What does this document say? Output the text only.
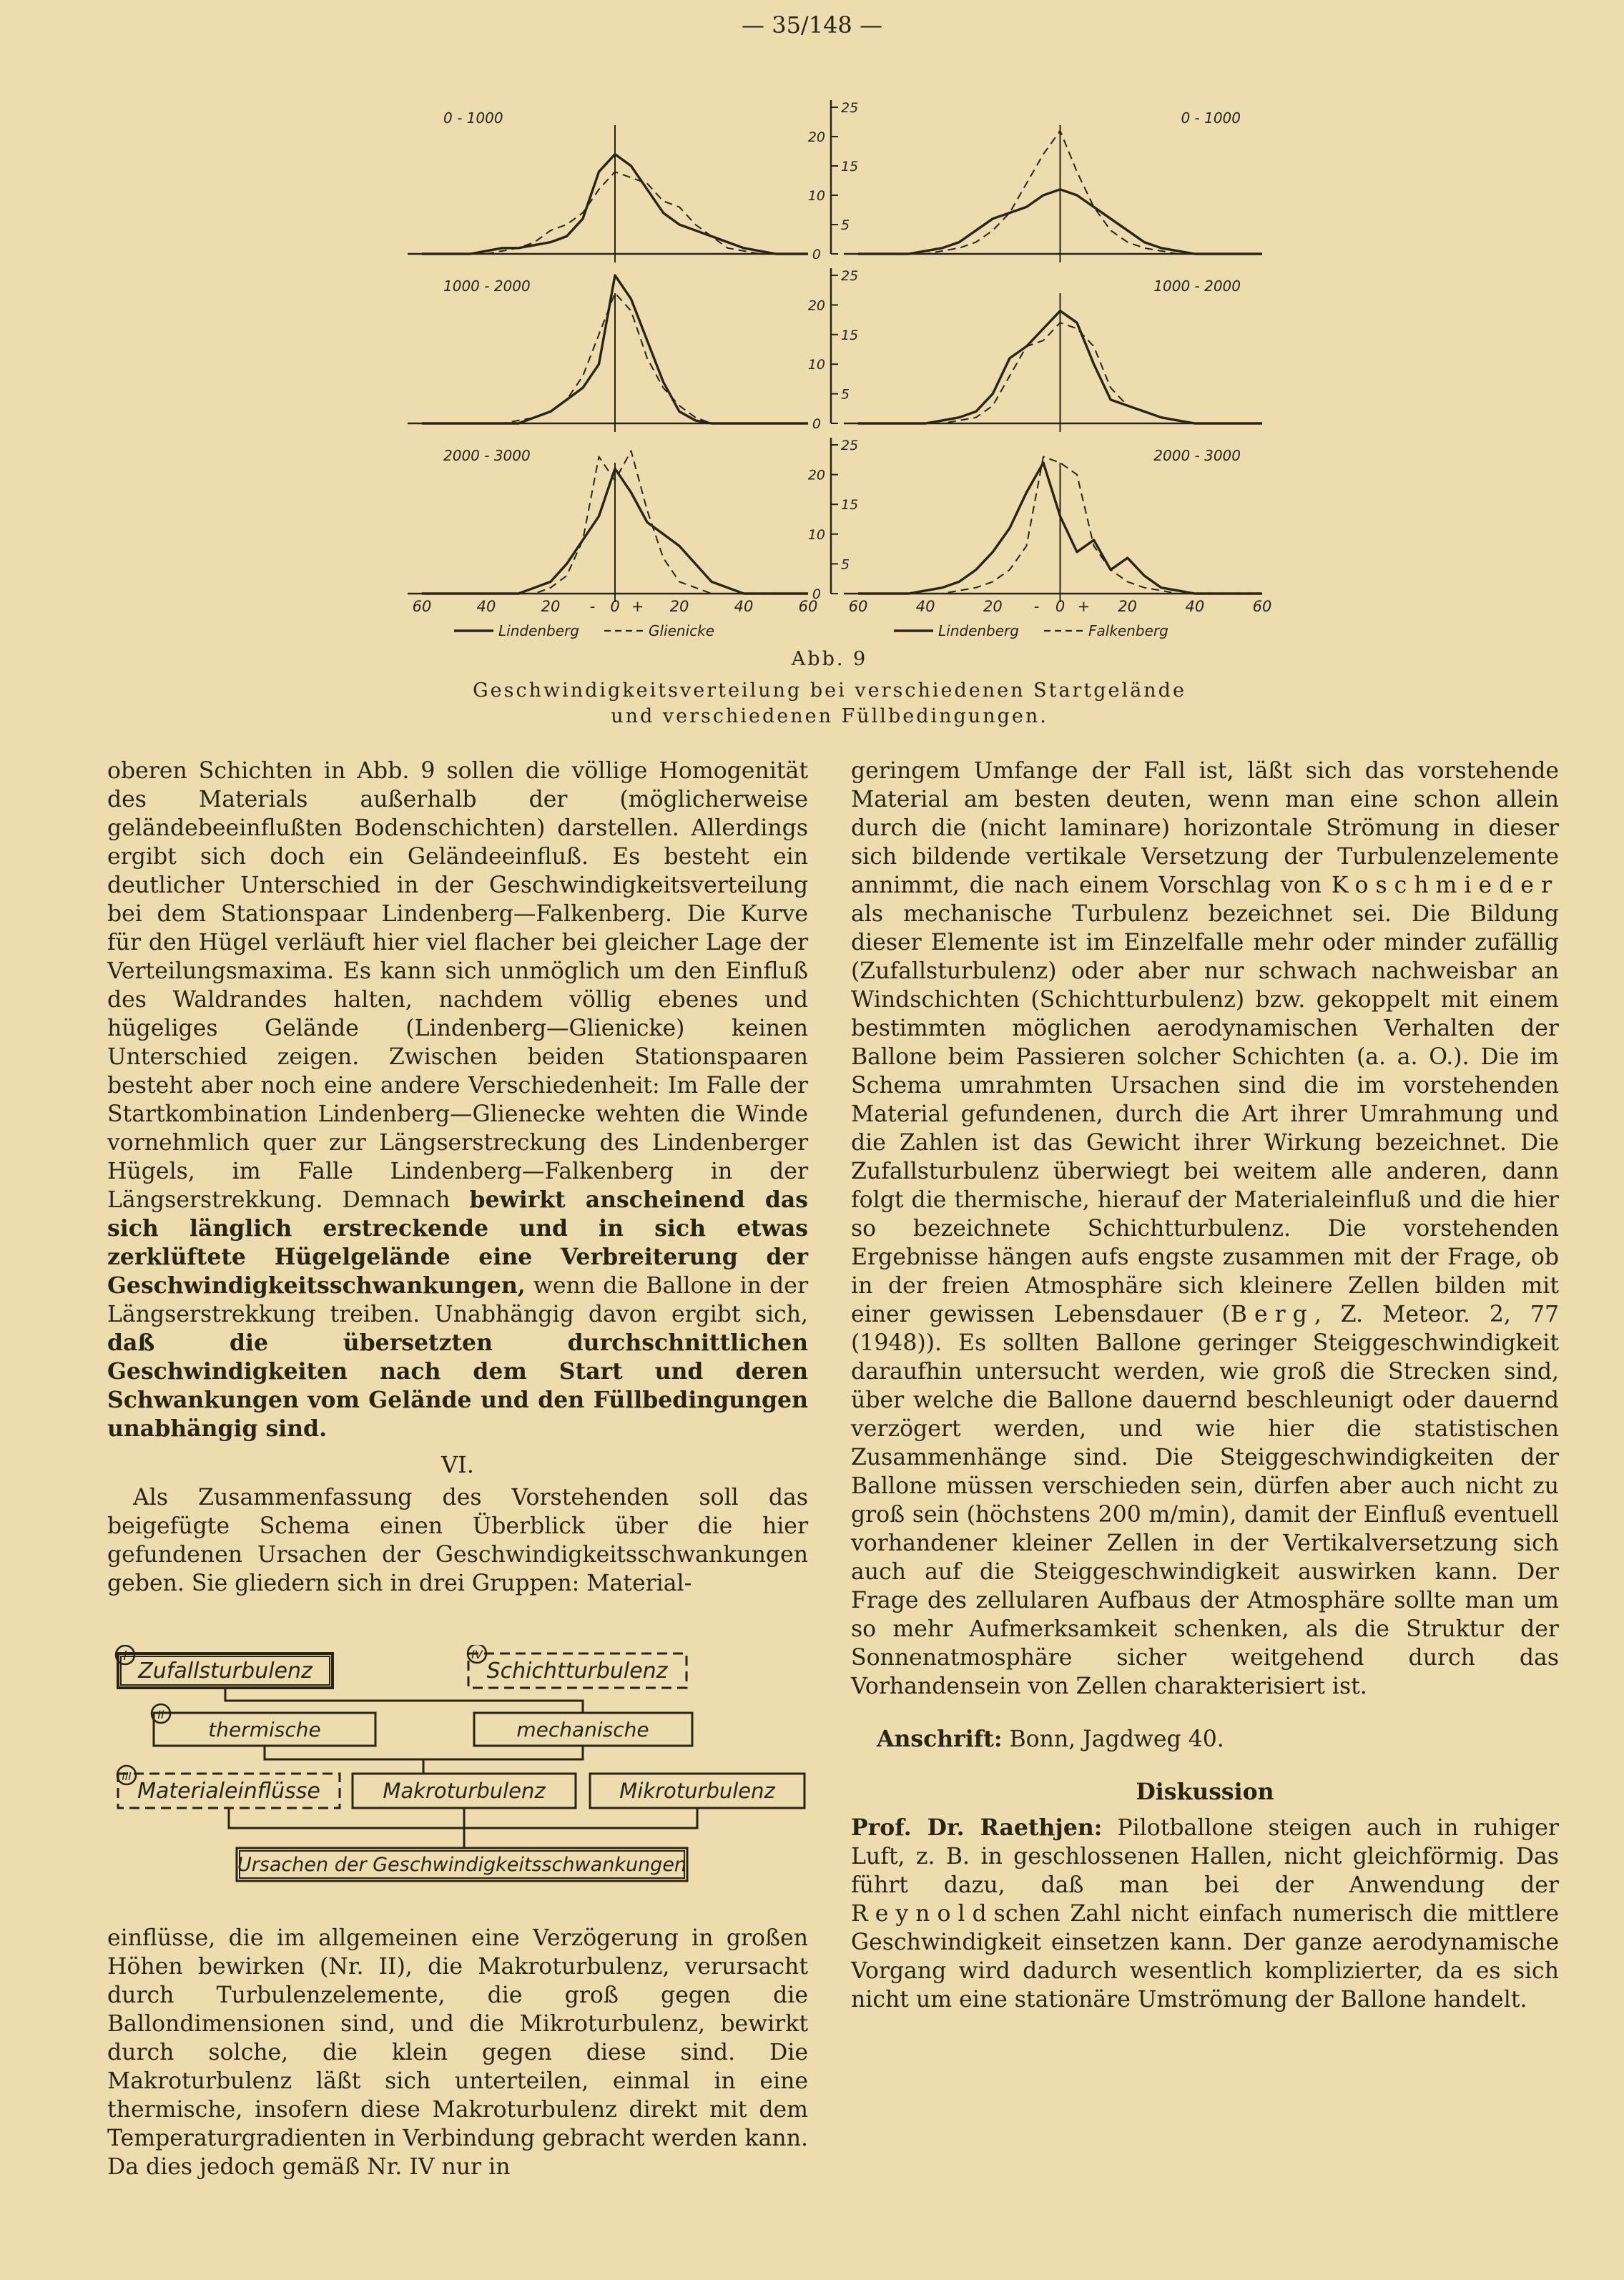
— 35/148 —
0 - 1000
1000 - 2000
2000 - 3000
0 - 1000
1000 - 2000
2000 - 3000
0
5
10
15
20
25
0
5
10
15
20
25
0
5
10
15
20
25
60	40	20 - 0 + 20	40	60 60	40	20 - 0 + 20	40	60
Lindenberg	Glienicke	Lindenberg	Falkenberg
Abb. 9
Geschwindigkeitsverteilung bei verschiedenen Startgelände
und verschiedenen Füllbedingungen.

oberen Schichten in Abb. 9 sollen die völlige Homogenität des Materials außerhalb der (möglicherweise geländebeeinflußten Bodenschichten) darstellen. Allerdings ergibt sich doch ein Geländeeinfluß. Es besteht ein deutlicher Unterschied in der Geschwindigkeitsverteilung bei dem Stationspaar Lindenberg—Falkenberg. Die Kurve für den Hügel verläuft hier viel flacher bei gleicher Lage der Verteilungsmaxima. Es kann sich unmöglich um den Einfluß des Waldrandes halten, nachdem völlig ebenes und hügeliges Gelände (Lindenberg—Glienicke) keinen Unterschied zeigen. Zwischen beiden Stationspaaren besteht aber noch eine andere Verschiedenheit: Im Falle der Startkombination Lindenberg—Glienecke wehten die Winde vornehmlich quer zur Längserstreckung des Lindenberger Hügels, im Falle Lindenberg—Falkenberg in der Längserstrekkung. Demnach bewirkt anscheinend das sich länglich erstreckende und in sich etwas zerklüftete Hügelgelände eine Verbreiterung der Geschwindigkeitsschwankungen, wenn die Ballone in der Längserstrekkung treiben. Unabhängig davon ergibt sich, daß die übersetzten durchschnittlichen Geschwindigkeiten nach dem Start und deren Schwankungen vom Gelände und den Füllbedingungen unabhängig sind.

VI.

Als Zusammenfassung des Vorstehenden soll das beigefügte Schema einen Überblick über die hier gefundenen Ursachen der Geschwindigkeitsschwankungen geben. Sie gliedern sich in drei Gruppen: Material-

I	IV
II
III
Zufallsturbulenz	Schichtturbulenz
thermische	mechanische
Materialeinflüsse	Makroturbulenz	Mikroturbulenz
Ursachen der Geschwindigkeitsschwankungen

einflüsse, die im allgemeinen eine Verzögerung in großen Höhen bewirken (Nr. II), die Makroturbulenz, verursacht durch Turbulenzelemente, die groß gegen die Ballondimensionen sind, und die Mikroturbulenz, bewirkt durch solche, die klein gegen diese sind. Die Makroturbulenz läßt sich unterteilen, einmal in eine thermische, insofern diese Makroturbulenz direkt mit dem Temperaturgradienten in Verbindung gebracht werden kann. Da dies jedoch gemäß Nr. IV nur in

geringem Umfange der Fall ist, läßt sich das vorstehende Material am besten deuten, wenn man eine schon allein durch die (nicht laminare) horizontale Strömung in dieser sich bildende vertikale Versetzung der Turbulenzelemente annimmt, die nach einem Vorschlag von Koschmieder als mechanische Turbulenz bezeichnet sei. Die Bildung dieser Elemente ist im Einzelfalle mehr oder minder zufällig (Zufallsturbulenz) oder aber nur schwach nachweisbar an Windschichten (Schichtturbulenz) bzw. gekoppelt mit einem bestimmten möglichen aerodynamischen Verhalten der Ballone beim Passieren solcher Schichten (a. a. O.). Die im Schema umrahmten Ursachen sind die im vorstehenden Material gefundenen, durch die Art ihrer Umrahmung und die Zahlen ist das Gewicht ihrer Wirkung bezeichnet. Die Zufallsturbulenz überwiegt bei weitem alle anderen, dann folgt die thermische, hierauf der Materialeinfluß und die hier so bezeichnete Schichtturbulenz. Die vorstehenden Ergebnisse hängen aufs engste zusammen mit der Frage, ob in der freien Atmosphäre sich kleinere Zellen bilden mit einer gewissen Lebensdauer (Berg, Z. Meteor. 2, 77 (1948)). Es sollten Ballone geringer Steiggeschwindigkeit daraufhin untersucht werden, wie groß die Strecken sind, über welche die Ballone dauernd beschleunigt oder dauernd verzögert werden, und wie hier die statistischen Zusammenhänge sind. Die Steiggeschwindigkeiten der Ballone müssen verschieden sein, dürfen aber auch nicht zu groß sein (höchstens 200 m/min), damit der Einfluß eventuell vorhandener kleiner Zellen in der Vertikalversetzung sich auch auf die Steiggeschwindigkeit auswirken kann. Der Frage des zellularen Aufbaus der Atmosphäre sollte man um so mehr Aufmerksamkeit schenken, als die Struktur der Sonnenatmosphäre sicher weitgehend durch das Vorhandensein von Zellen charakterisiert ist.

Anschrift: Bonn, Jagdweg 40.

Diskussion

Prof. Dr. Raethjen: Pilotballone steigen auch in ruhiger Luft, z. B. in geschlossenen Hallen, nicht gleichförmig. Das führt dazu, daß man bei der Anwendung der Reynoldschen Zahl nicht einfach numerisch die mittlere Geschwindigkeit einsetzen kann. Der ganze aerodynamische Vorgang wird dadurch wesentlich komplizierter, da es sich nicht um eine stationäre Umströmung der Ballone handelt.
